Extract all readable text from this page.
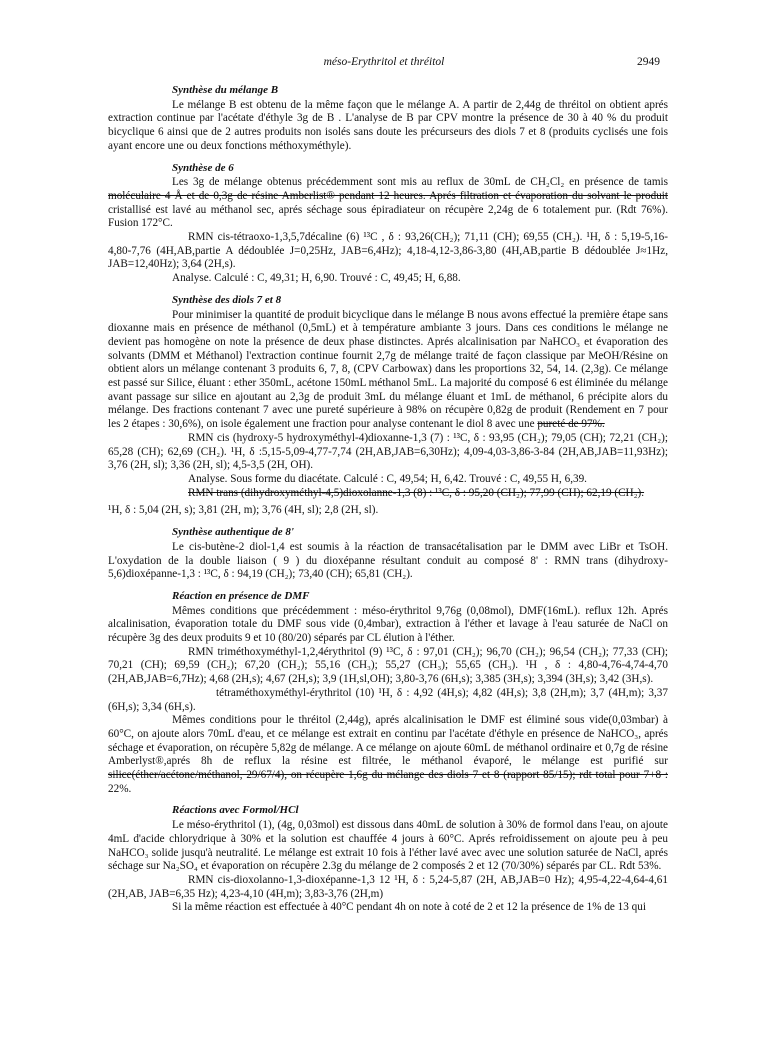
méso-Erythritol et thréitol	2949
Synthèse du mélange B

Le mélange B est obtenu de la même façon que le mélange A. A partir de 2,44g de thréitol on obtient aprés extraction continue par l'acétate d'éthyle 3g de B . L'analyse de B par CPV montre la présence de 30 à 40 % du produit bicyclique 6 ainsi que de 2 autres produits non isolés sans doute les précurseurs des diols 7 et 8 (produits cyclisés une fois ayant encore une ou deux fonctions méthoxyméthyle).

Synthèse de 6

Les 3g de mélange obtenus précédemment sont mis au reflux de 30mL de CH₂Cl₂ en présence de tamis moléculaire 4 Å et de 0,3g de résine Amberlist® pendant 12 heures. Aprés filtration et évaporation du solvant le produit cristallisé est lavé au méthanol sec, aprés séchage sous épiradiateur on récupère 2,24g de 6 totalement pur. (Rdt 76%). Fusion 172°C.

RMN cis-tétraoxo-1,3,5,7décaline (6) ¹³C , δ : 93,26(CH₂); 71,11 (CH); 69,55 (CH₂). ¹H, δ : 5,19-5,16-4,80-7,76 (4H,AB,partie A dédoublée J=0,25Hz, JAB=6,4Hz); 4,18-4,12-3,86-3,80 (4H,AB,partie B dédoublée J≈1Hz, JAB=12,40Hz); 3,64 (2H,s).

Analyse. Calculé : C, 49,31; H, 6,90. Trouvé : C, 49,45; H, 6,88.

Synthèse des diols 7 et 8

Pour minimiser la quantité de produit bicyclique dans le mélange B nous avons effectué la première étape sans dioxanne mais en présence de méthanol (0,5mL) et à température ambiante 3 jours. Dans ces conditions le mélange ne devient pas homogène on note la présence de deux phase distinctes. Aprés alcalinisation par NaHCO₃ et évaporation des solvants (DMM et Méthanol) l'extraction continue fournit 2,7g de mélange traité de façon classique par MeOH/Résine on obtient alors un mélange contenant 3 produits 6, 7, 8, (CPV Carbowax) dans les proportions 32, 54, 14. (2,3g). Ce mélange est passé sur Silice, éluant : ether 350mL, acétone 150mL méthanol 5mL. La majorité du composé 6 est éliminée du mélange avant passage sur silice en ajoutant au 2,3g de produit 3mL du mélange éluant et 1mL de méthanol, 6 précipite alors du mélange. Des fractions contenant 7 avec une pureté supérieure à 98% on récupère 0,82g de produit (Rendement en 7 pour les 2 étapes : 30,6%), on isole également une fraction pour analyse contenant le diol 8 avec une pureté de 97%.

RMN cis (hydroxy-5 hydroxyméthyl-4)dioxanne-1,3 (7) : ¹³C, δ : 93,95 (CH₂); 79,05 (CH); 72,21 (CH₂); 65,28 (CH); 62,69 (CH₂). ¹H, δ :5,15-5,09-4,77-7,74 (2H,AB,JAB=6,30Hz); 4,09-4,03-3,86-3-84 (2H,AB,JAB=11,93Hz); 3,76 (2H, sl); 3,36 (2H, sl); 4,5-3,5 (2H, OH).

Analyse. Sous forme du diacétate. Calculé : C, 49,54; H, 6,42. Trouvé : C, 49,55 H, 6,39.

RMN trans (dihydroxyméthyl-4,5)dioxolanne-1,3 (8) : ¹³C, δ : 95,20 (CH₂); 77,99 (CH); 62,19 (CH₂).

¹H, δ : 5,04 (2H, s); 3,81 (2H, m); 3,76 (4H, sl); 2,8 (2H, sl).

Synthèse authentique de 8'

Le cis-butène-2 diol-1,4 est soumis à la réaction de transacétalisation par le DMM avec LiBr et TsOH. L'oxydation de la double liaison ( 9 ) du dioxépanne résultant conduit au composé 8' : RMN trans (dihydroxy-5,6)dioxépanne-1,3 : ¹³C, δ : 94,19 (CH₂); 73,40 (CH); 65,81 (CH₂).

Réaction en présence de DMF

Mêmes conditions que précédemment : méso-érythritol 9,76g (0,08mol), DMF(16mL). reflux 12h. Aprés alcalinisation, évaporation totale du DMF sous vide (0,4mbar), extraction à l'éther et lavage à l'eau saturée de NaCl on récupère 3g des deux produits 9 et 10 (80/20) séparés par CL élution à l'éther.

RMN triméthoxyméthyl-1,2,4érythritol (9) ¹³C, δ : 97,01 (CH₂); 96,70 (CH₂); 96,54 (CH₂); 77,33 (CH); 70,21 (CH); 69,59 (CH₂); 67,20 (CH₂); 55,16 (CH₃); 55,27 (CH₃); 55,65 (CH₃). ¹H , δ : 4,80-4,76-4,74-4,70 (2H,AB,JAB=6,7Hz); 4,68 (2H,s); 4,67 (2H,s); 3,9 (1H,sl,OH); 3,80-3,76 (6H,s); 3,385 (3H,s); 3,394 (3H,s); 3,42 (3H,s).

tétraméthoxyméthyl-érythritol (10) ¹H, δ : 4,92 (4H,s); 4,82 (4H,s); 3,8 (2H,m); 3,7 (4H,m); 3,37 (6H,s); 3,34 (6H,s).

Mêmes conditions pour le thréitol (2,44g), aprés alcalinisation le DMF est éliminé sous vide(0,03mbar) à 60°C, on ajoute alors 70mL d'eau, et ce mélange est extrait en continu par l'acétate d'éthyle en présence de NaHCO₃, aprés séchage et évaporation, on récupère 5,82g de mélange. A ce mélange on ajoute 60mL de méthanol ordinaire et 0,7g de résine Amberlyst®,aprés 8h de reflux la résine est filtrée, le méthanol évaporé, le mélange est purifié sur silice(éther/acétone/méthanol, 29/67/4), on récupère 1,6g du mélange des diols 7 et 8 (rapport 85/15); rdt total pour 7+8 : 22%.

Réactions avec Formol/HCl

Le méso-érythritol (1), (4g, 0,03mol) est dissous dans 40mL de solution à 30% de formol dans l'eau, on ajoute 4mL d'acide chlorydrique à 30% et la solution est chauffée 4 jours à 60°C. Aprés refroidissement on ajoute peu à peu NaHCO₃ solide jusqu'à neutralité. Le mélange est extrait 10 fois à l'éther lavé avec avec une solution saturée de NaCl, aprés séchage sur Na₂SO₄ et évaporation on récupère 2.3g du mélange de 2 composés 2 et 12 (70/30%) séparés par CL. Rdt 53%.

RMN cis-dioxolanno-1,3-dioxépanne-1,3 12 ¹H, δ : 5,24-5,87 (2H, AB,JAB=0 Hz); 4,95-4,22-4,64-4,61 (2H,AB, JAB=6,35 Hz); 4,23-4,10 (4H,m); 3,83-3,76 (2H,m)

Si la même réaction est effectuée à 40°C pendant 4h on note à coté de 2 et 12 la présence de 1% de 13 qui
